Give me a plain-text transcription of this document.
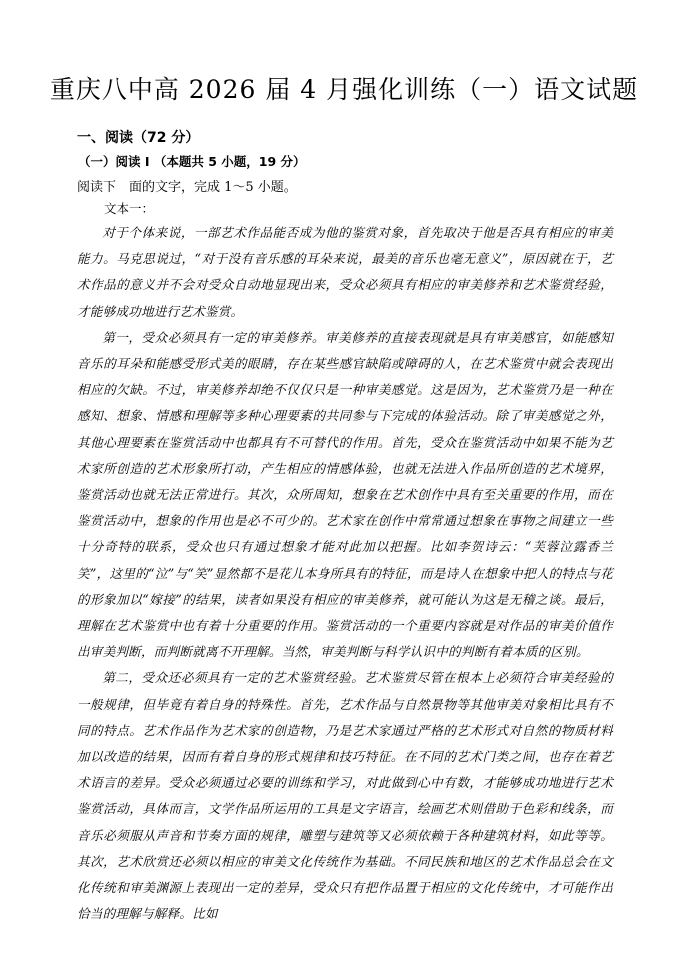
重庆八中高 2026 届 4 月强化训练（一）语文试题
一、阅读（72 分）
（一）阅读 I （本题共 5 小题，19 分）

阅读下　面的文字，完成 1～5 小题。

文本一：

对于个体来说，一部艺术作品能否成为他的鉴赏对象，首先取决于他是否具有相应的审美能力。马克思说过，“对于没有音乐感的耳朵来说，最美的音乐也毫无意义”，原因就在于，艺术作品的意义并不会对受众自动地显现出来，受众必须具有相应的审美修养和艺术鉴赏经验，才能够成功地进行艺术鉴赏。

第一，受众必须具有一定的审美修养。审美修养的直接表现就是具有审美感官，如能感知音乐的耳朵和能感受形式美的眼睛，存在某些感官缺陷或障碍的人，在艺术鉴赏中就会表现出相应的欠缺。不过，审美修养却绝不仅仅只是一种审美感觉。这是因为，艺术鉴赏乃是一种在感知、想象、情感和理解等多种心理要素的共同参与下完成的体验活动。除了审美感觉之外，其他心理要素在鉴赏活动中也都具有不可替代的作用。首先，受众在鉴赏活动中如果不能为艺术家所创造的艺术形象所打动，产生相应的情感体验，也就无法进入作品所创造的艺术境界，鉴赏活动也就无法正常进行。其次，众所周知，想象在艺术创作中具有至关重要的作用，而在鉴赏活动中，想象的作用也是必不可少的。艺术家在创作中常常通过想象在事物之间建立一些十分奇特的联系，受众也只有通过想象才能对此加以把握。比如李贺诗云：“芙蓉泣露香兰笑”，这里的“泣”与“笑”显然都不是花儿本身所具有的特征，而是诗人在想象中把人的特点与花的形象加以“嫁接”的结果，读者如果没有相应的审美修养，就可能认为这是无稽之谈。最后，理解在艺术鉴赏中也有着十分重要的作用。鉴赏活动的一个重要内容就是对作品的审美价值作出审美判断，而判断就离不开理解。当然，审美判断与科学认识中的判断有着本质的区别。

第二，受众还必须具有一定的艺术鉴赏经验。艺术鉴赏尽管在根本上必须符合审美经验的一般规律，但毕竟有着自身的特殊性。首先，艺术作品与自然景物等其他审美对象相比具有不同的特点。艺术作品作为艺术家的创造物，乃是艺术家通过严格的艺术形式对自然的物质材料加以改造的结果，因而有着自身的形式规律和技巧特征。在不同的艺术门类之间，也存在着艺术语言的差异。受众必须通过必要的训练和学习，对此做到心中有数，才能够成功地进行艺术鉴赏活动，具体而言，文学作品所运用的工具是文字语言，绘画艺术则借助于色彩和线条，而音乐必须服从声音和节奏方面的规律，雕塑与建筑等又必须依赖于各种建筑材料，如此等等。其次，艺术欣赏还必须以相应的审美文化传统作为基础。不同民族和地区的艺术作品总会在文化传统和审美渊源上表现出一定的差异，受众只有把作品置于相应的文化传统中，才可能作出恰当的理解与解释。比如
